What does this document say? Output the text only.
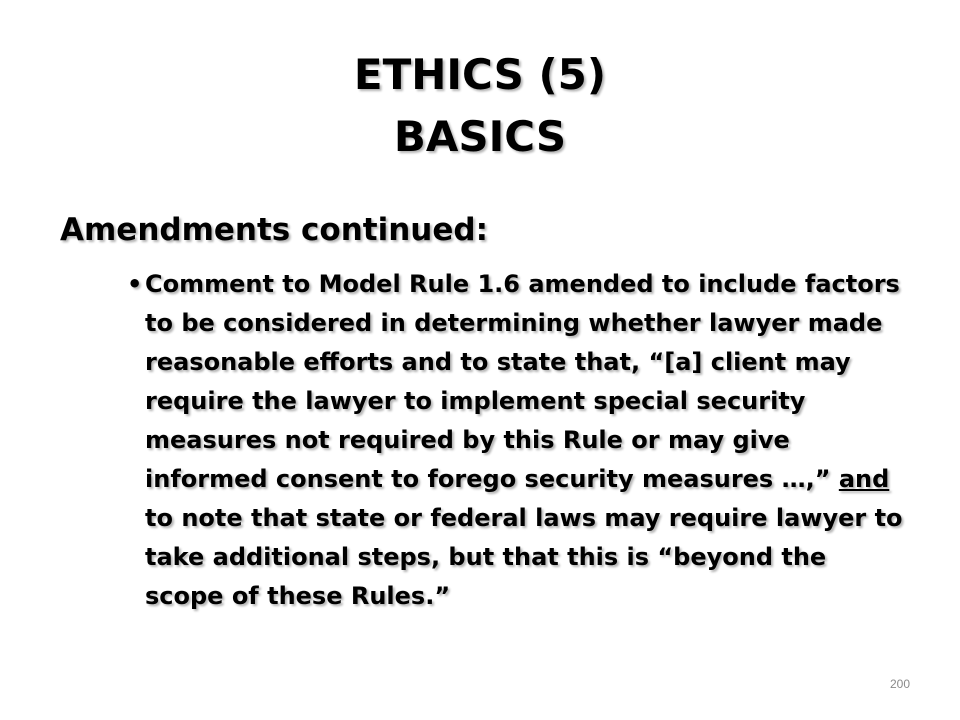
ETHICS (5)
BASICS
Amendments continued:
• Comment to Model Rule 1.6 amended to include factors to be considered in determining whether lawyer made reasonable efforts and to state that, “[a] client may require the lawyer to implement special security measures not required by this Rule or may give informed consent to forego security measures …,” and to note that state or federal laws may require lawyer to take additional steps, but that this is “beyond the scope of these Rules.”
200
